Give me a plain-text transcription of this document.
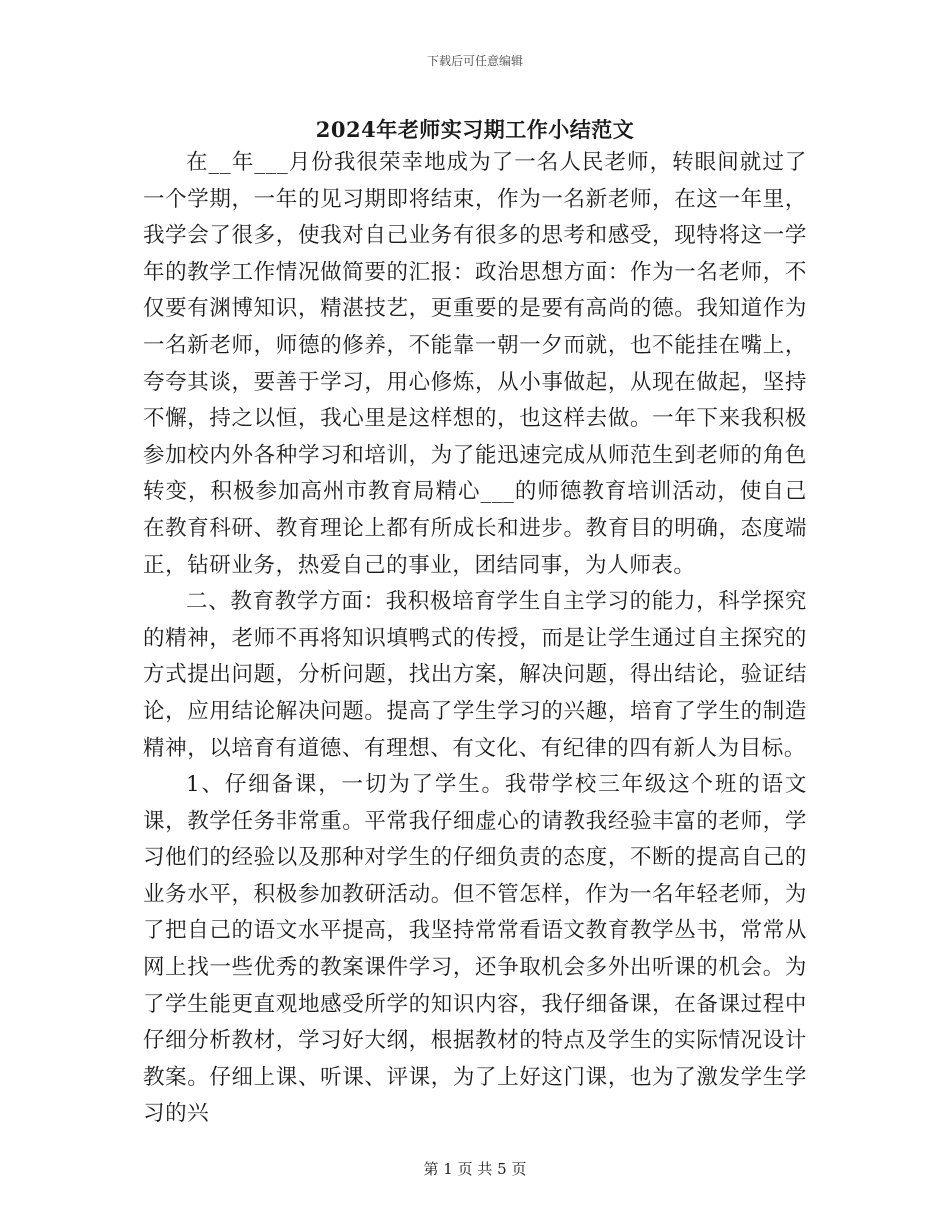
下载后可任意编辑
2024年老师实习期工作小结范文

在__年___月份我很荣幸地成为了一名人民老师，转眼间就过了一个学期，一年的见习期即将结束，作为一名新老师，在这一年里，我学会了很多，使我对自己业务有很多的思考和感受，现特将这一学年的教学工作情况做简要的汇报：政治思想方面：作为一名老师，不仅要有渊博知识，精湛技艺，更重要的是要有高尚的德。我知道作为一名新老师，师德的修养，不能靠一朝一夕而就，也不能挂在嘴上，夸夸其谈，要善于学习，用心修炼，从小事做起，从现在做起，坚持不懈，持之以恒，我心里是这样想的，也这样去做。一年下来我积极参加校内外各种学习和培训，为了能迅速完成从师范生到老师的角色转变，积极参加高州市教育局精心___的师德教育培训活动，使自己在教育科研、教育理论上都有所成长和进步。教育目的明确，态度端正，钻研业务，热爱自己的事业，团结同事，为人师表。

二、教育教学方面：我积极培育学生自主学习的能力，科学探究的精神，老师不再将知识填鸭式的传授，而是让学生通过自主探究的方式提出问题，分析问题，找出方案，解决问题，得出结论，验证结论，应用结论解决问题。提高了学生学习的兴趣，培育了学生的制造精神，以培育有道德、有理想、有文化、有纪律的四有新人为目标。

1、仔细备课，一切为了学生。我带学校三年级这个班的语文课，教学任务非常重。平常我仔细虚心的请教我经验丰富的老师，学习他们的经验以及那种对学生的仔细负责的态度，不断的提高自己的业务水平，积极参加教研活动。但不管怎样，作为一名年轻老师，为了把自己的语文水平提高，我坚持常常看语文教育教学丛书，常常从网上找一些优秀的教案课件学习，还争取机会多外出听课的机会。为了学生能更直观地感受所学的知识内容，我仔细备课，在备课过程中仔细分析教材，学习好大纲，根据教材的特点及学生的实际情况设计教案。仔细上课、听课、评课，为了上好这门课，也为了激发学生学习的兴

第 1 页 共 5 页
